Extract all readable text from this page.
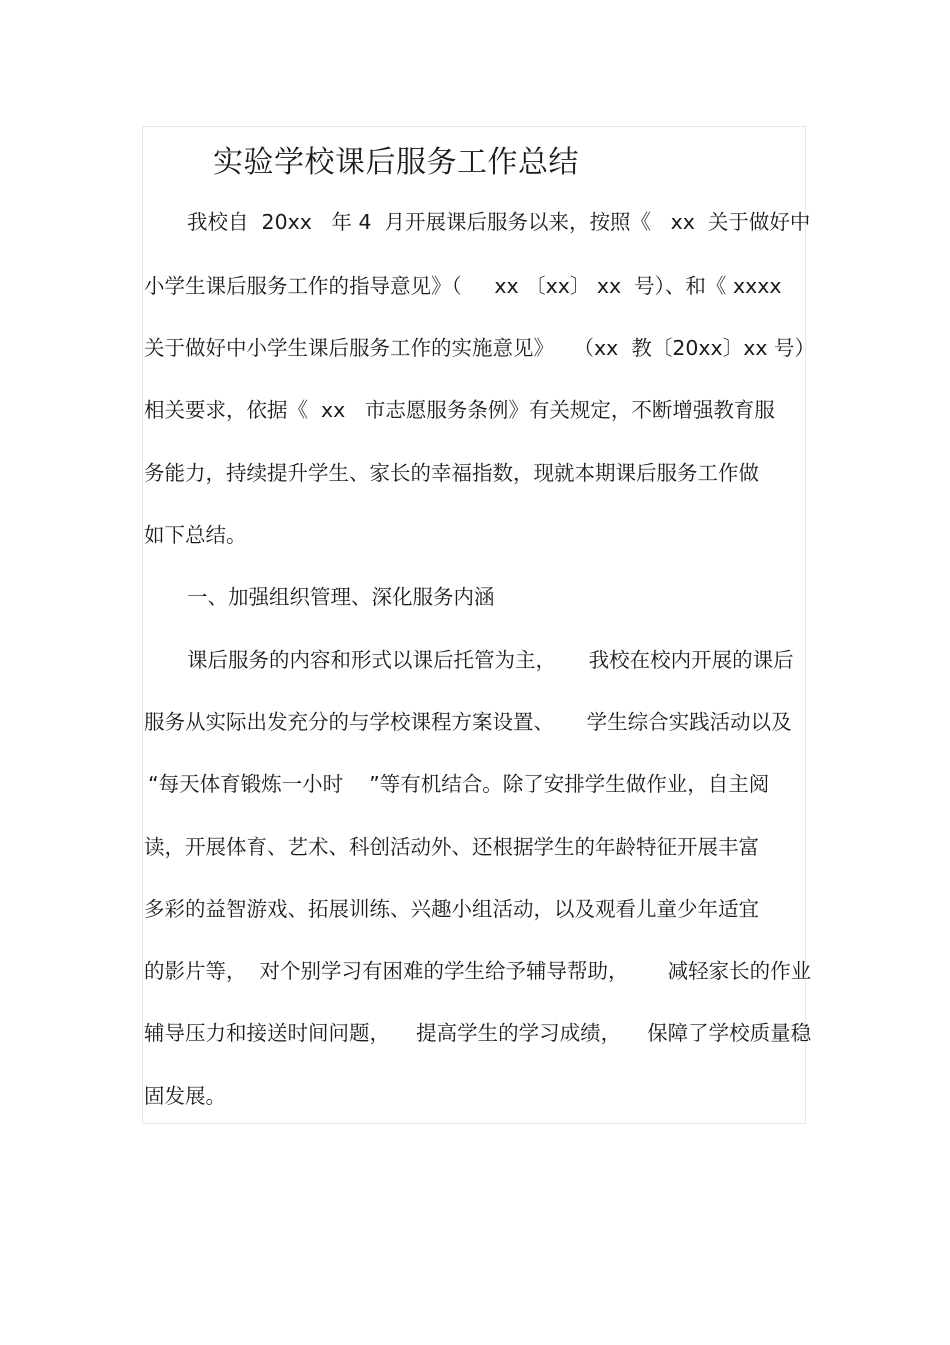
实验学校课后服务工作总结
我校自  20xx   年 4  月开展课后服务以来，按照《   xx  关于做好中
小学生课后服务工作的指导意见》（     xx 〔xx〕 xx  号）、和《 xxxx
关于做好中小学生课后服务工作的实施意见》   （xx  教〔20xx〕xx 号）
相关要求，依据《  xx   市志愿服务条例》有关规定，不断增强教育服
务能力，持续提升学生、家长的幸福指数，现就本期课后服务工作做
如下总结。
一、加强组织管理、深化服务内涵
课后服务的内容和形式以课后托管为主，     我校在校内开展的课后
服务从实际出发充分的与学校课程方案设置、     学生综合实践活动以及
“每天体育锻炼一小时    ”等有机结合。除了安排学生做作业，自主阅
读，开展体育、艺术、科创活动外、还根据学生的年龄特征开展丰富
多彩的益智游戏、拓展训练、兴趣小组活动，以及观看儿童少年适宜
的影片等，  对个别学习有困难的学生给予辅导帮助，      减轻家长的作业
辅导压力和接送时间问题，    提高学生的学习成绩，    保障了学校质量稳
固发展。
